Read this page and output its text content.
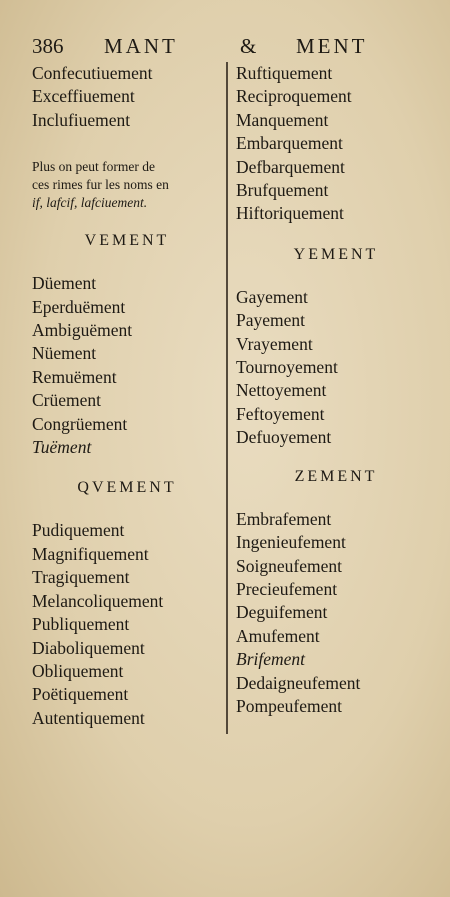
386 MANT	& MENT
Confecutiuement
Exceffiuement
Inclufiuement
Plus on peut former de
ces rimes fur les noms en
if, lafcif, lafciuement.
VEMENT
Düement
Eperduëment
Ambiguëment
Nüement
Remuëment
Crüement
Congrüement
Tuëment
QVEMENT
Pudiquement
Magnifiquement
Tragiquement
Melancoliquement
Publiquement
Diaboliquement
Obliquement
Poëtiquement
Autentiquement
Ruftiquement
Reciproquement
Manquement
Embarquement
Defbarquement
Brufquement
Hiftoriquement
YEMENT
Gayement
Payement
Vrayement
Tournoyement
Nettoyement
Feftoyement
Defuoyement
ZEMENT
Embrafement
Ingenieufement
Soigneufement
Precieufement
Deguifement
Amufement
Brifement
Dedaigneufement
Pompeufement
